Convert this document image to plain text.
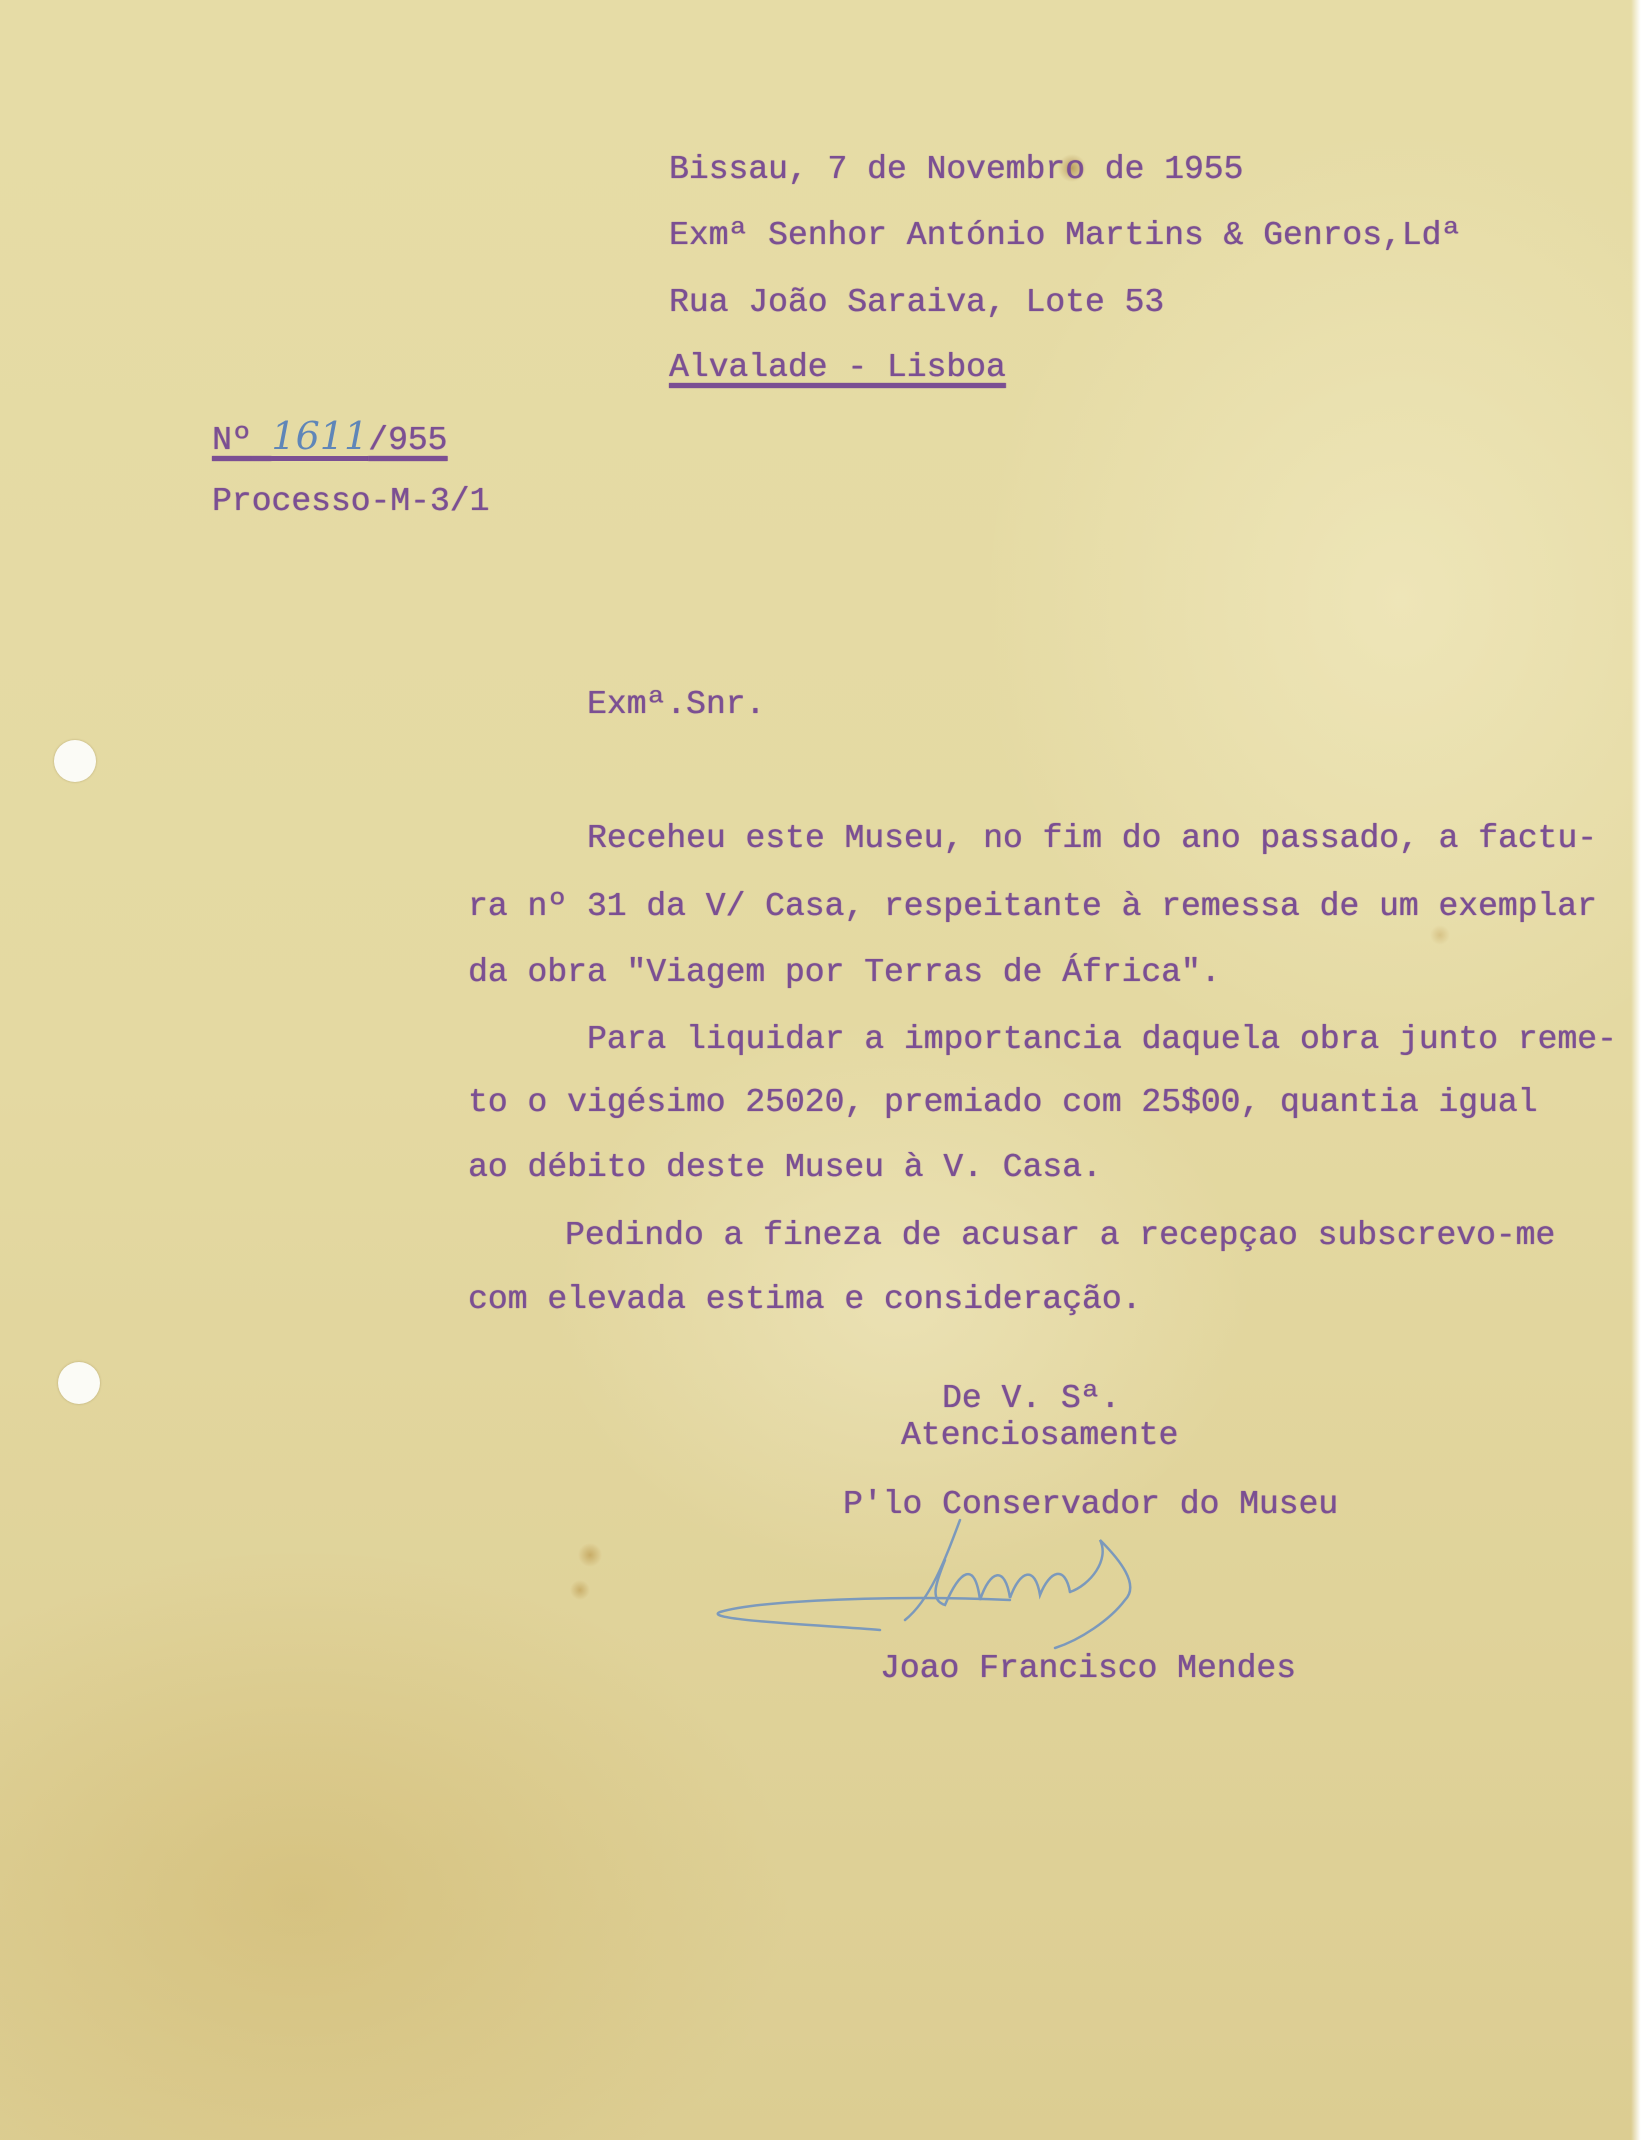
Bissau, 7 de Novembro de 1955
Exmª Senhor António Martins & Genros,Ldª
Rua João Saraiva, Lote 53
Alvalade - Lisboa
Nº 1611/955
Processo-M-3/1
Exmª.Snr.
Receheu este Museu, no fim do ano passado, a factu-
ra nº 31 da V/ Casa, respeitante à remessa de um exemplar
da obra "Viagem por Terras de África".
Para liquidar a importancia daquela obra junto reme-
to o vigésimo 25020, premiado com 25$00, quantia igual
ao débito deste Museu à V. Casa.
Pedindo a fineza de acusar a recepçao subscrevo-me
com elevada estima e consideração.
De V. Sª.
Atenciosamente
P'lo Conservador do Museu
Joao Francisco Mendes
